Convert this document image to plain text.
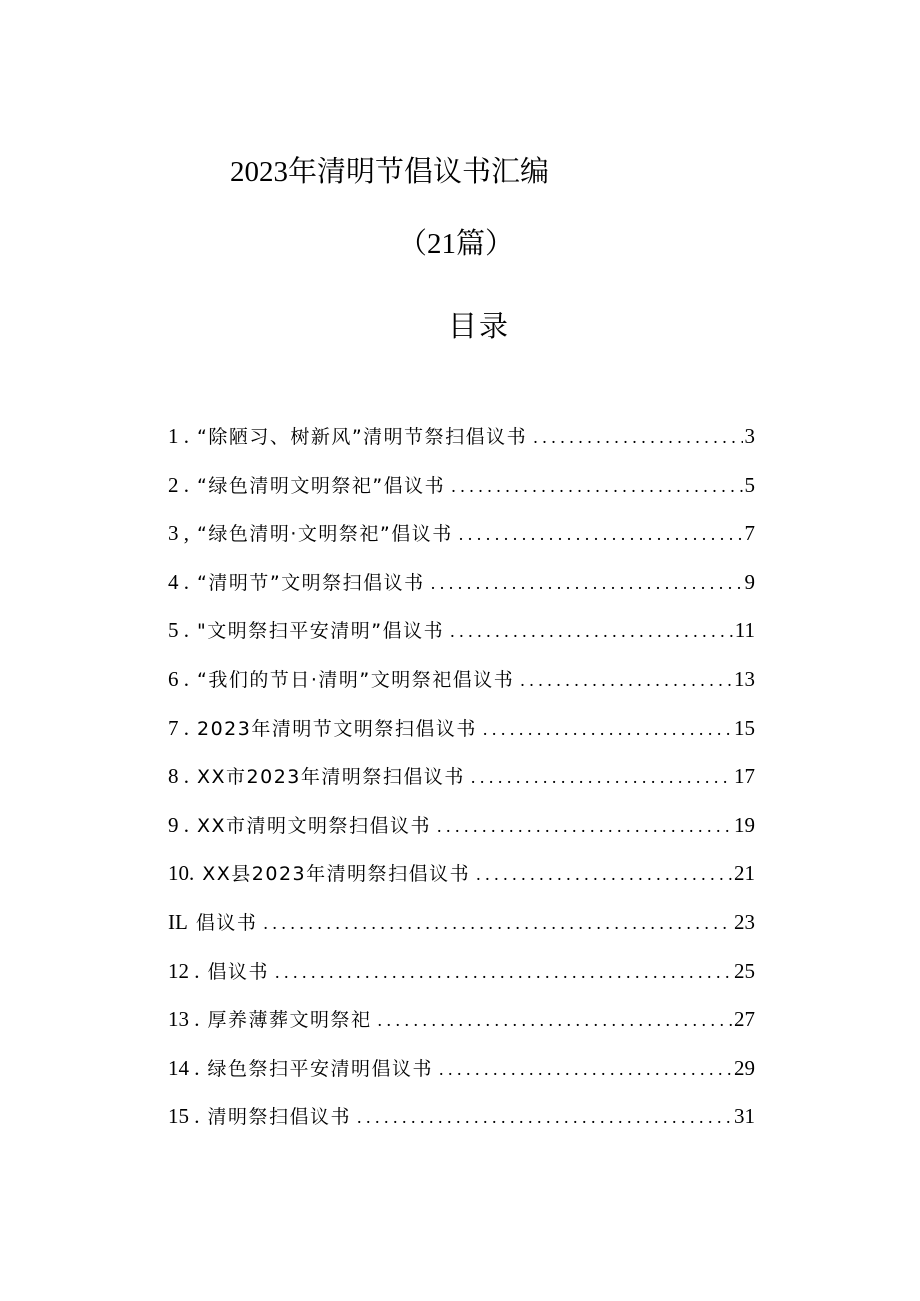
2023年清明节倡议书汇编
（21篇）
目录
1 . “除陋习、树新风”清明节祭扫倡议书 . . .	3
2 . “绿色清明文明祭祀”倡议书 . . .	5
3 , “绿色清明·文明祭祀”倡议书 . . .	7
4 . “清明节”文明祭扫倡议书 . . .	9
5 . "文明祭扫平安清明”倡议书 . . .	11
6 . “我们的节日·清明”文明祭祀倡议书 . . .	13
7 . 2023年清明节文明祭扫倡议书 . . .	15
8 . XX市2023年清明祭扫倡议书 . . .	17
9 . XX市清明文明祭扫倡议书 . . .	19
10. XX县2023年清明祭扫倡议书 . . .	21
IL 倡议书 . . .	23
12 . 倡议书 . . .	25
13 . 厚养薄葬文明祭祀 . . .	27
14 . 绿色祭扫平安清明倡议书 . . .	29
15 . 清明祭扫倡议书 . . .	31
